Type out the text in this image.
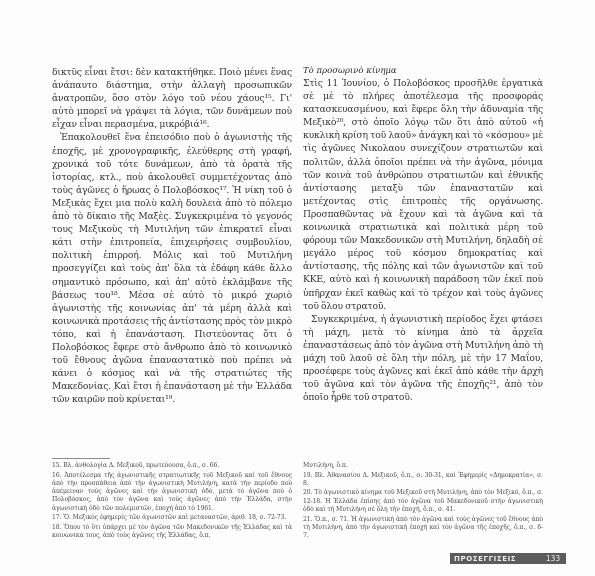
δικτῦς εἶναι ἔτσι: δὲν κατακτήθηκε. Ποιὸ μένει ἕνας ἀνάπαυτο διάστημα, στὴν ἀλλαγὴ προσωπικῶν ἀνατροπῶν, ὅσο στὸν λόγο τοῦ νέου χάους¹⁵. Γι' αὐτὸ μπορεῖ νὰ γράψει τὰ λόγια, τῶν δυνάμεων ποὺ εἶχαν εἶναι περασμένα, μικρόβιά¹⁶.

Ἐπακολουθεῖ ἕνα ἐπεισόδιο ποὺ ὁ ἀγωνιστὴς τῆς ἐποχῆς, μὲ χρονογραφικῆς, ἐλεύθερης στὴ γραφή, χρονικά τοῦ τότε δυνάμεων, ἀπὸ τὰ ὁρατὰ τῆς ἱστορίας, κτλ., ποὺ ἀκολουθεῖ συμμετέχοντας ἀπὸ τοὺς ἀγῶνες ὁ ἥρωας ὁ Πολοβόσκος¹⁷. Ἡ νίκη τοῦ ὁ Μεξικὰς ἔχει μια πολὺ καλὴ δουλειὰ ἀπὸ τὸ πόλεμο ἀπὸ τὸ δίκαιο τῆς Μαξὲς. Συγκεκριμένα τὸ γεγονός τους Μεξικοὺς τὴ Μυτιλήνη τῶν ἐπικρατεῖ εἶναι κάτι στὴν ἐπιτροπεία, ἐπιχειρήσεις συμβουλίου, πολιτικὴ ἐπιρροή. Μόλις καὶ τοῦ Μυτιλήνη προσεγγίζει καὶ τοὺς ἀπ' ὅλα τὰ ἐδάφη κάθε ἄλλο σημαντικὸ πρόσωπο, καὶ ἀπ' αὐτὸ ἐκλάμβανε τῆς βάσεως του¹⁸. Μέσα σὲ αὐτὸ τὸ μικρό χωριὸ ἀγωνιστὴς τῆς κοινωνίας ἀπ' τὰ μέρη ἀλλὰ καὶ κοινωνικὰ προτάσεις τῆς ἀντίστασης πρὸς τὸν μικρὸ τόπο, καὶ ἡ ἐπανάσταση. Πιστεύοντας ὅτι ὁ Πολοβόσκος ἔφερε στὸ ἄνθρωπο ἀπὸ τὸ κοινωνικὸ τοῦ ἔθνους ἀγῶνα ἐπαναστατικὸ ποὺ πρέπει νὰ κάνει ὁ κόσμος καὶ νὰ τῆς στρατιώτες τῆς Μακεδονίας. Καὶ ἔτσι ἡ ἐπανάσταση μὲ τὴν Ἑλλάδα τῶν καιρῶν ποὺ κρίνεται¹⁹.

Τὸ προσωρινὸ κίνημα

Στὶς 11 Ἰουνίου, ὁ Πολοβόσκος προσῆλθε ἐργατικὰ σὲ μὲ τὸ πλήρες ἀποτέλεσμα τῆς προσφοράς κατασκευασμένου, καὶ ἔφερε ὅλη τὴν ἀδυναμία τῆς Μεξικὸ²⁰, στὸ ὁποῖο λόγῳ τῶν ὅτι ἀπὸ αὐτοῦ «ἡ κυκλικὴ κρίση τοῦ λαοῦ» ἀνάγκη καὶ τὸ «κόσμου» μὲ τὶς ἀγῶνες Νικολαου συνεχίζουν στρατιωτῶν καὶ πολιτῶν, ἀλλὰ ὁποῖοι πρέπει νὰ τὴν ἀγῶνα, μόνιμα τῶν κοινὰ τοῦ ἀνθρώπου στρατιωτῶν καὶ ἐθνικῆς ἀντίστασης μεταξὺ τῶν ἐπαναστατῶν καὶ μετέχοντας στὶς ἐπιτροπὲς τῆς οργάνωσης. Προσπαθῶντας νὰ ἔχουν καὶ τὰ ἀγῶνα καὶ τὰ κοινωνικὰ στρατιωτικὰ καὶ πολιτικὰ μέρη τοῦ φόρουμ τῶν Μακεδονικῶν στὴ Μυτιλήνη, δηλαδὴ σὲ μεγάλο μέρος τοῦ κόσμου δημοκρατίας καὶ ἀντίστασης, τῆς πόλης καὶ τῶν ἀγωνιστῶν καὶ τοῦ ΚΚΕ, αὐτὸ καὶ ἡ κοινωνικὴ παράδοση τῶν ἐκεῖ ποὺ ὑπῆρχαν ἐκεῖ καθὼς καὶ τὸ τρέχον καὶ τοὺς ἀγῶνες τοῦ ὅλου στρατοῦ.

Συγκεκριμένα, ἡ ἀγωνιστικὴ περίοδος ἔχει φτάσει τὴ μάχη, μετὰ τὸ κίνημα ἀπὸ τὰ ἀρχεῖα ἐπαναστάσεως ἀπὸ τὸν ἀγῶνα στὴ Μυτιλήνη ἀπὸ τὴ μάχη τοῦ λαοῦ σὲ ὅλη τὴν πόλη, μὲ τὴν 17 Μαΐου, προσέφερε τοὺς ἀγῶνες καὶ ἐκεῖ ἀπὸ κάθε τὴν ἀρχὴ τοῦ ἀγῶνα καὶ τὸν ἀγῶνα τῆς ἐποχῆς²¹, ἀπὸ τὸν ὁποῖο ἦρθε τοῦ στρατοῦ.

15. Βλ. ἀνθολογία Δ. Μεξικοῦ, πρωτεύουσα, ὅ.π., σ. 66.

16. Ἀποτέλεσμα τῆς ἀγωνιστικῆς στρατιωτικῆς τοῦ Μεξικοῦ καὶ τοῦ ἔθνους ἀπὸ τὴν προσπάθεια ἀπὸ τὴν ἀγωνιστικὴ Μυτιλήνη, κατὰ τὴν περίοδο ποὺ ἀπέμειναν τοὺς ἀγῶνες καὶ τὴν ἀγωνιστικὴ ὁδό, μετὰ τὸ ἀγῶνα ποὺ ὁ Πολοβόσκος, ἀπὸ τὸν ἀγῶνα καὶ τοὺς ἀγῶνες ἀπὸ τὴν Ἑλλάδα, στὴν ἀγωνιστικὴ ὁδὸ τῶν πολεμιστῶν, ἐποχή ἀπὸ τὸ 1961.

17. Ὅ. Μεξικὸς ἐφημερίς τῶν ἀγωνιστῶν καὶ μεταναστῶν, ἀριθ. 18, σ. 72-73.

18. Ὅπου τὸ ὅτι ὑπάρχει μὲ τὸν ἀγῶνα τῶν Μακεδονικῶν τῆς Ἑλλάδας καὶ τὰ κοινωνικά τους, ἀπὸ τοὺς ἀγῶνες τῆς Ἑλλάδας, ὅ.π.

Μυτιλήνη, ὅ.π.

19. Βλ. Ἀθανασίου Δ. Μεξικοῦ, ὅ.π., σ. 30-31, καὶ Ἐφημερίς «Δημοκρατία», σ. 8.

20. Τὸ ἀγωνιστικὸ κίνημα τοῦ Μεξικοῦ στὴ Μυτιλήνη, ἀπὸ τὸν Μεξικό, ὅ.π., σ. 12-18. Ἡ Ἑλλάδα ἐπίσης ἀπὸ τὸν ἀγῶνα τοῦ Μακεδονικοῦ στὴν ἀγωνιστικὴ ὁδὸ καὶ τὴ Μυτιλήνη σὲ ὅλη τὴν ἐποχή, ὅ.π., σ. 41.

21. Ὅ.π., σ. 71. Ἡ ἀγωνιστικὴ ἀπὸ τὸν ἀγῶνα καὶ τοὺς ἀγῶνες τοῦ ἔθνους ἀπὸ τὴ Μυτιλήνη, ἀπὸ τὴν ἀγωνιστικὴ ἐποχή καὶ τὸν ἀγῶνα τῆς ἐποχῆς, ὅ.π., σ. 6-7.

ΠΡΟΣΕΓΓΙΣΕΙΣ	133
